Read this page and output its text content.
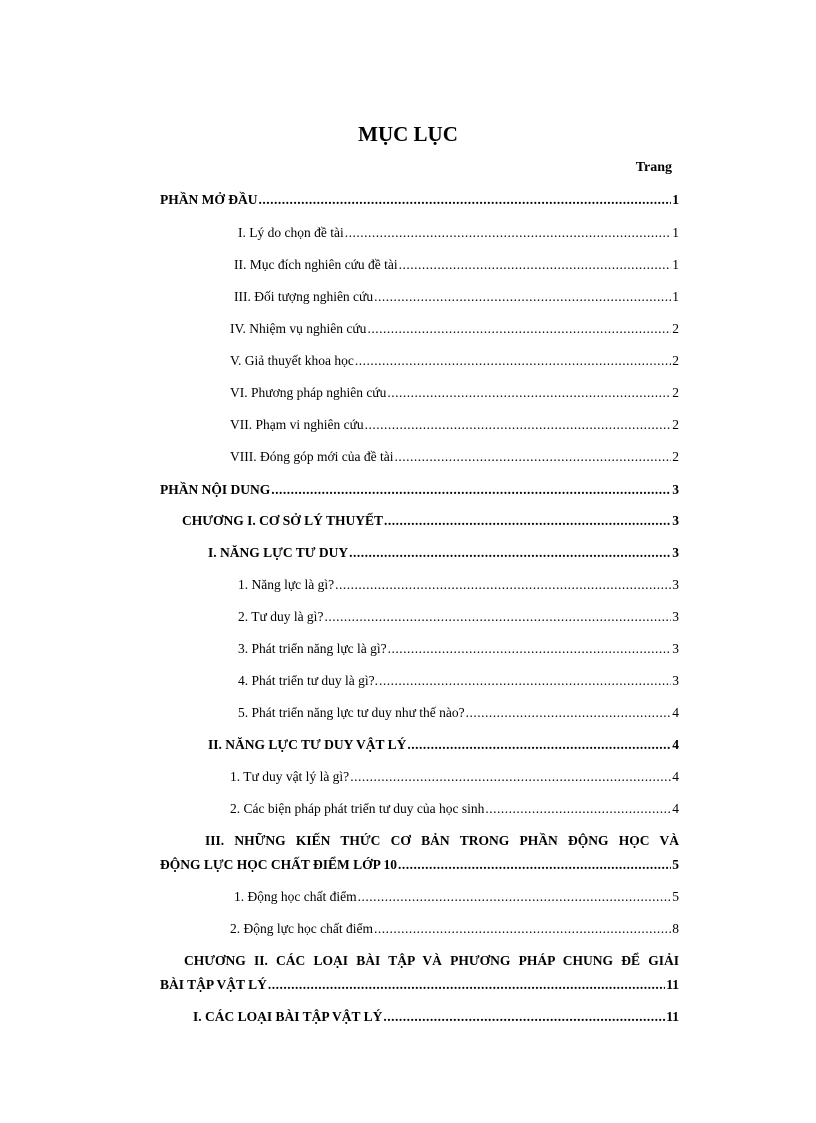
MỤC LỤC
Trang
PHẦN MỞ ĐẦU .....	1
I. Lý do chọn đề tài .....	1
II. Mục đích nghiên cứu đề tài .....	1
III. Đối tượng nghiên cứu .....	1
IV. Nhiệm vụ nghiên cứu .....	2
V. Giả thuyết khoa học .....	2
VI. Phương pháp nghiên cứu .....	2
VII. Phạm vi nghiên cứu .....	2
VIII. Đóng góp mới của đề tài .....	2
PHẦN NỘI DUNG .....	3
CHƯƠNG I. CƠ SỞ LÝ THUYẾT .....	3
I. NĂNG LỰC TƯ DUY .....	3
1. Năng lực là gì? .....	3
2. Tư duy là gì? .....	3
3. Phát triển năng lực là gì? .....	3
4. Phát triển tư duy là gì?. .....	3
5. Phát triển năng lực tư duy như thế nào? .....	4
II. NĂNG LỰC TƯ DUY VẬT LÝ .....	4
1. Tư duy vật lý là gì? .....	4
2. Các biện pháp phát triển tư duy của học sinh .....	4
III. NHỮNG KIẾN THỨC CƠ BẢN TRONG PHẦN ĐỘNG HỌC VÀ
ĐỘNG LỰC HỌC CHẤT ĐIỂM LỚP 10 .....	5
1. Động học chất điểm .....	5
2. Động lực học chất điểm .....	8
CHƯƠNG II. CÁC LOẠI BÀI TẬP VÀ PHƯƠNG PHÁP CHUNG ĐỂ GIẢI
BÀI TẬP VẬT LÝ .....	11
I. CÁC LOẠI BÀI TẬP VẬT LÝ .....	11
